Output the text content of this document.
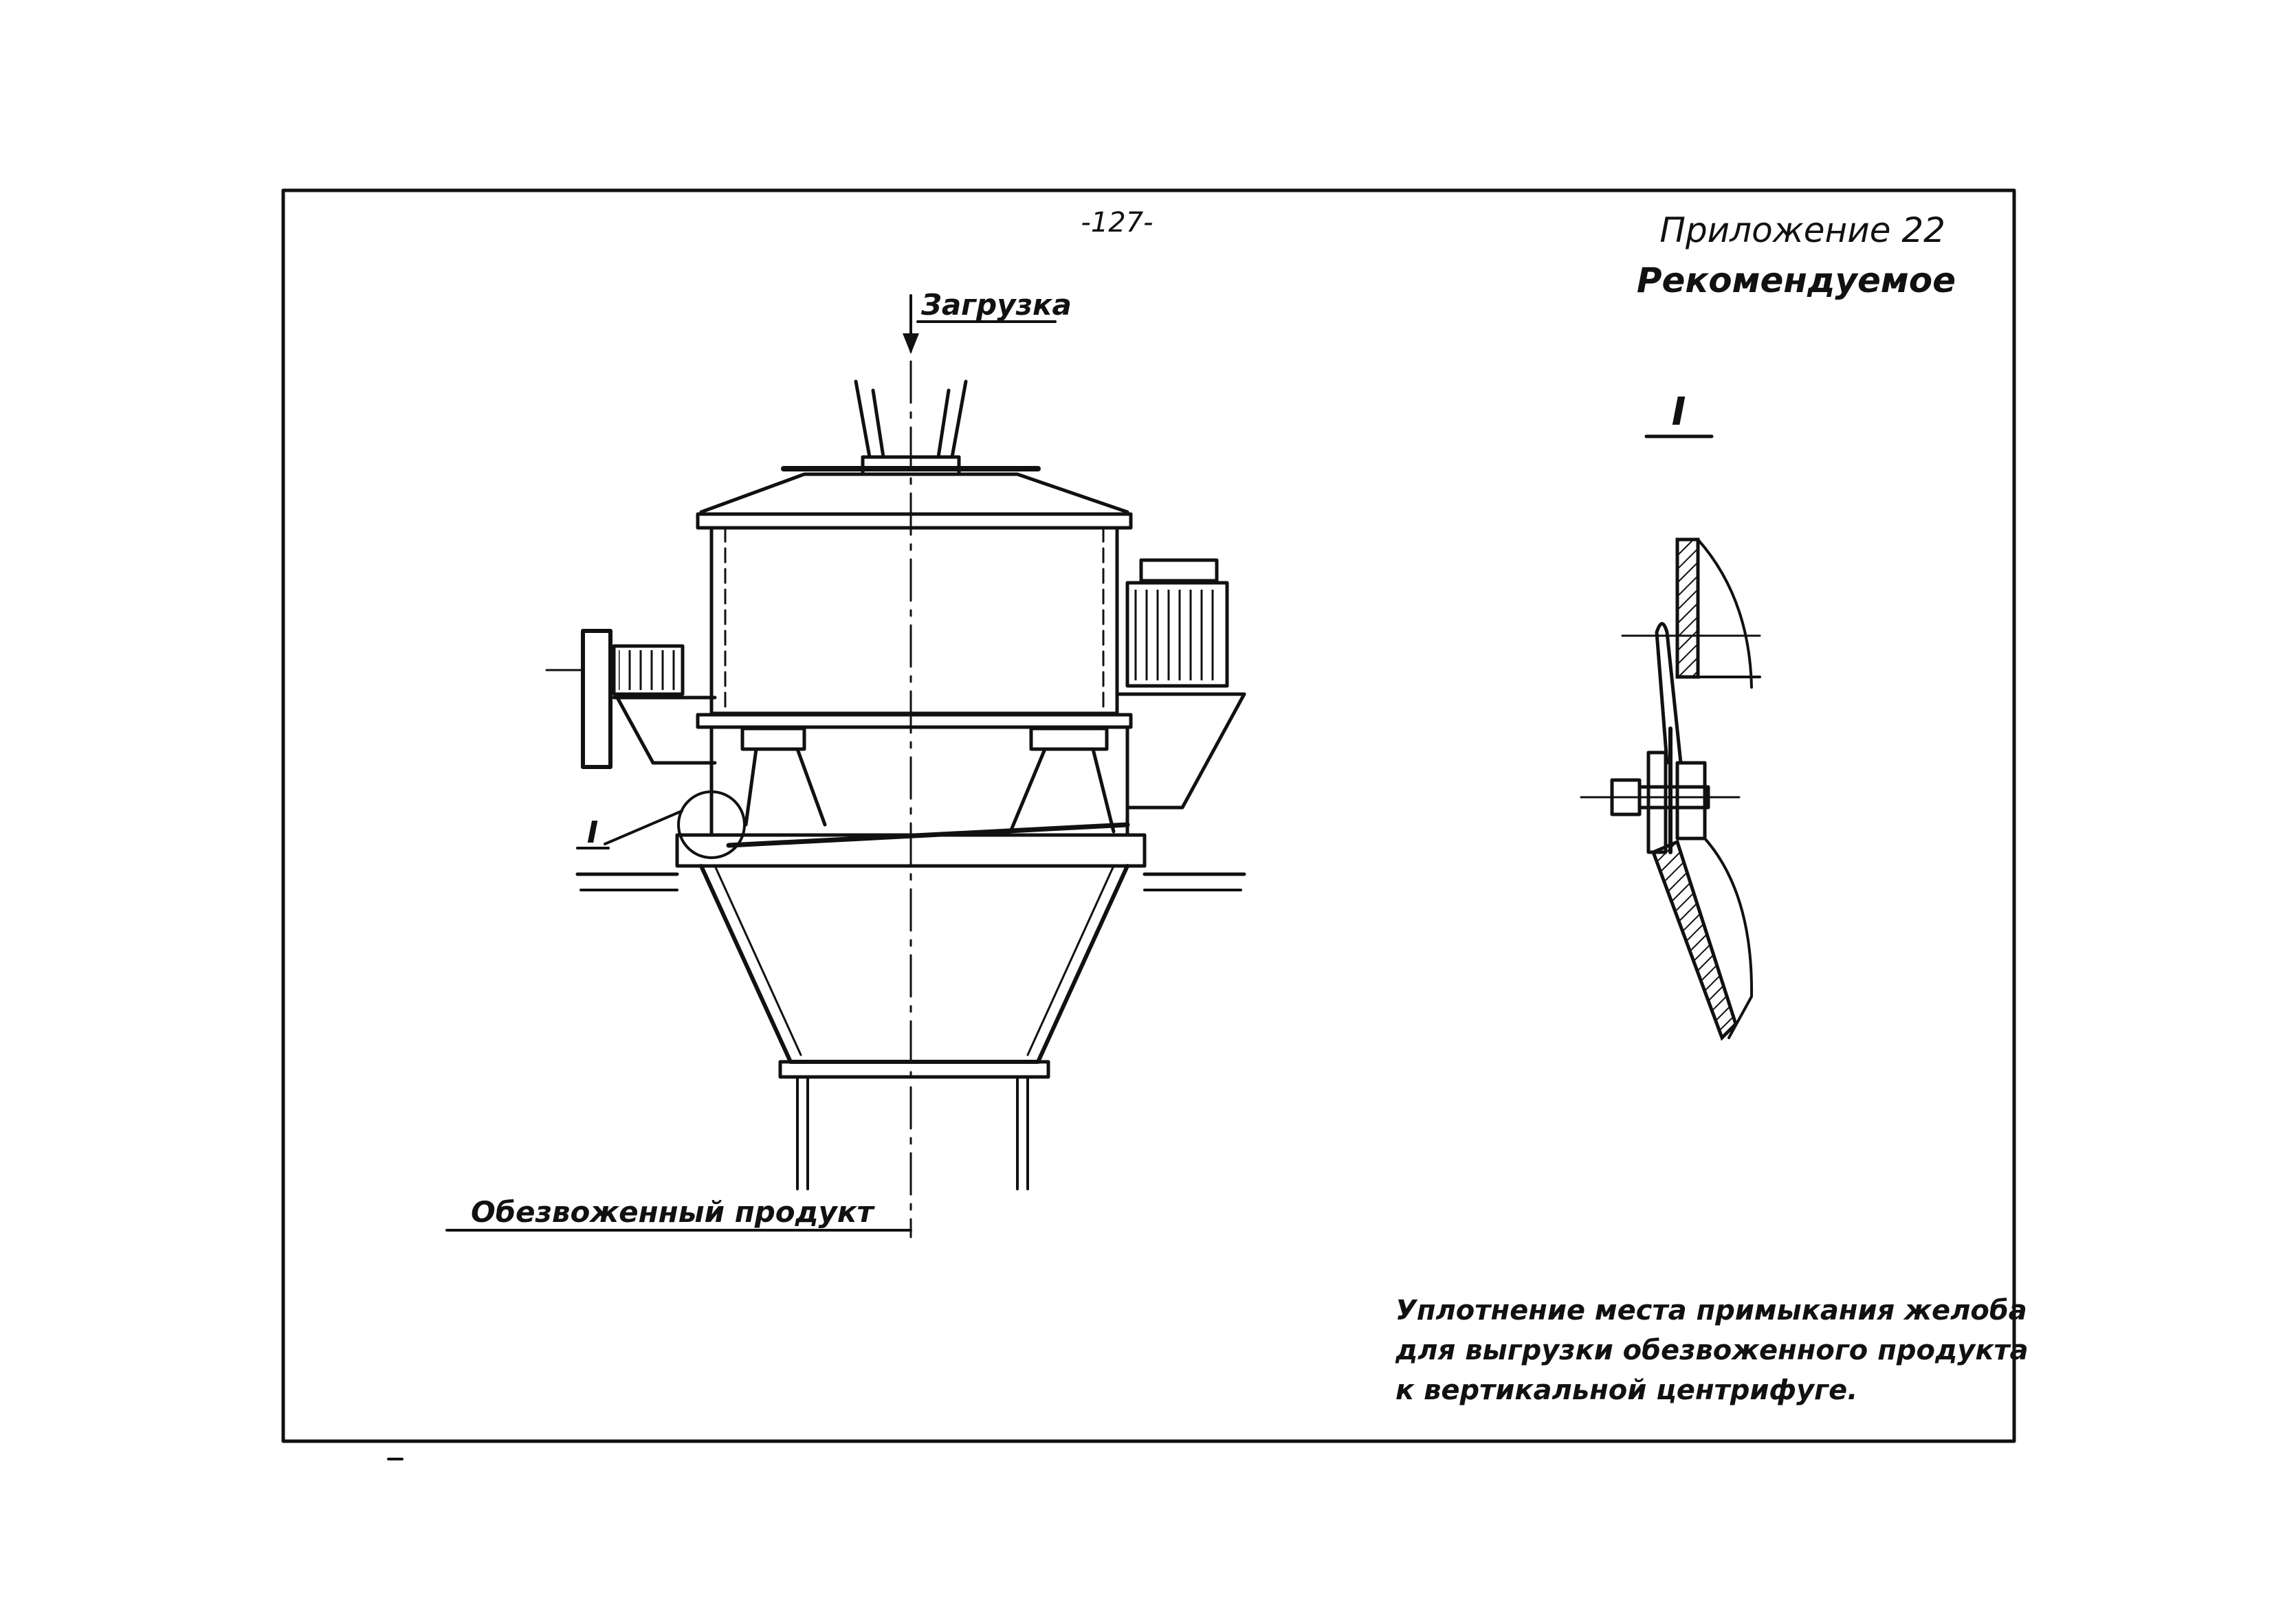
-127-	Приложение 22
Рекомендуемое
Загрузка
I
Обезвоженный продукт
I
Уплотнение места примыкания желоба
для выгрузки обезвоженного продукта
к вертикальной центрифуге.
